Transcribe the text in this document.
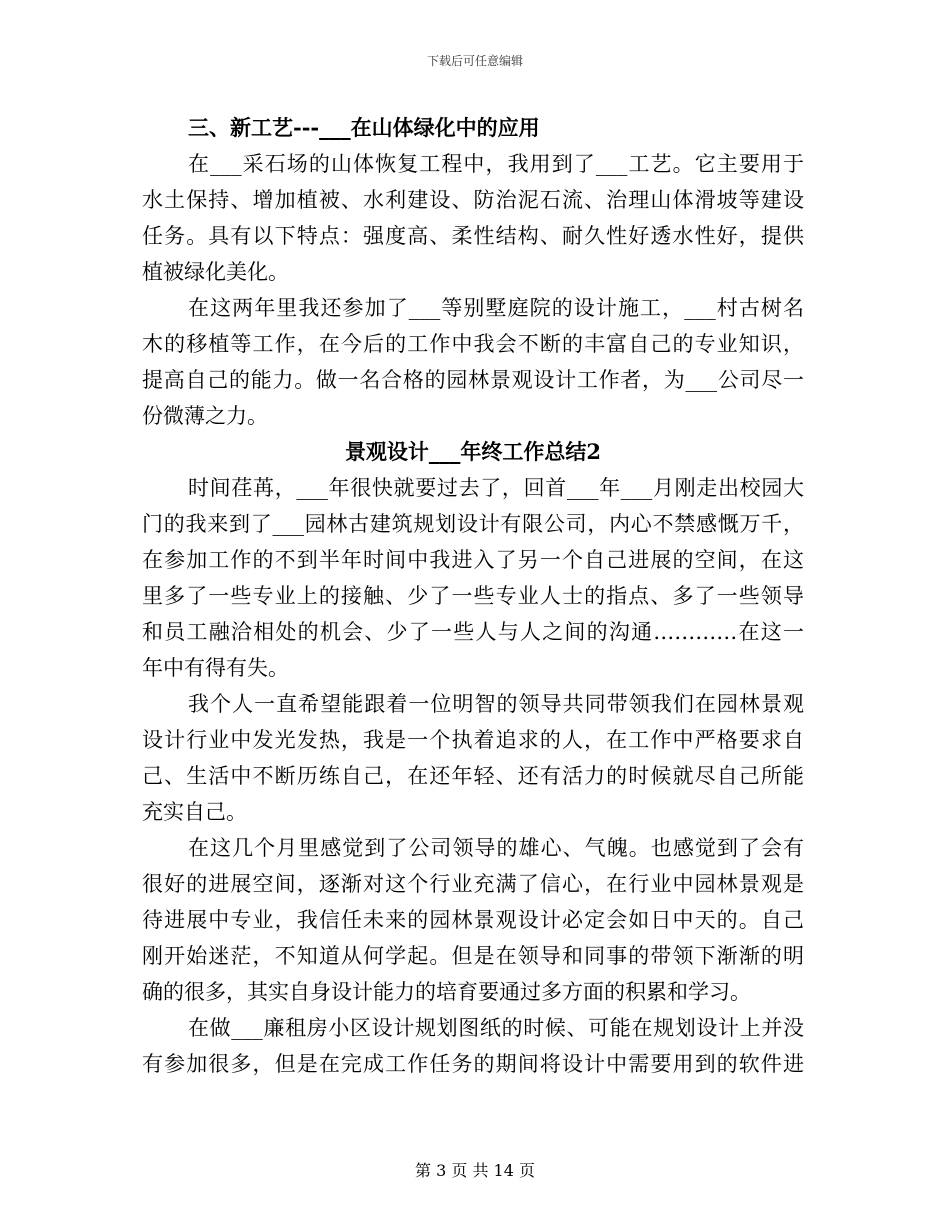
下载后可任意编辑
三、新工艺---___在山体绿化中的应用
在___采石场的山体恢复工程中，我用到了___工艺。它主要用于
水土保持、增加植被、水利建设、防治泥石流、治理山体滑坡等建设
任务。具有以下特点：强度高、柔性结构、耐久性好透水性好，提供
植被绿化美化。
在这两年里我还参加了___等别墅庭院的设计施工，___村古树名
木的移植等工作，在今后的工作中我会不断的丰富自己的专业知识，
提高自己的能力。做一名合格的园林景观设计工作者，为___公司尽一
份微薄之力。
景观设计___年终工作总结2
时间荏苒，___年很快就要过去了，回首___年___月刚走出校园大
门的我来到了___园林古建筑规划设计有限公司，内心不禁感慨万千，
在参加工作的不到半年时间中我进入了另一个自己进展的空间，在这
里多了一些专业上的接触、少了一些专业人士的指点、多了一些领导
和员工融洽相处的机会、少了一些人与人之间的沟通…………在这一
年中有得有失。
我个人一直希望能跟着一位明智的领导共同带领我们在园林景观
设计行业中发光发热，我是一个执着追求的人，在工作中严格要求自
己、生活中不断历练自己，在还年轻、还有活力的时候就尽自己所能
充实自己。
在这几个月里感觉到了公司领导的雄心、气魄。也感觉到了会有
很好的进展空间，逐渐对这个行业充满了信心，在行业中园林景观是
待进展中专业，我信任未来的园林景观设计必定会如日中天的。自己
刚开始迷茫，不知道从何学起。但是在领导和同事的带领下渐渐的明
确的很多，其实自身设计能力的培育要通过多方面的积累和学习。
在做___廉租房小区设计规划图纸的时候、可能在规划设计上并没
有参加很多，但是在完成工作任务的期间将设计中需要用到的软件进
第 3 页 共 14 页
